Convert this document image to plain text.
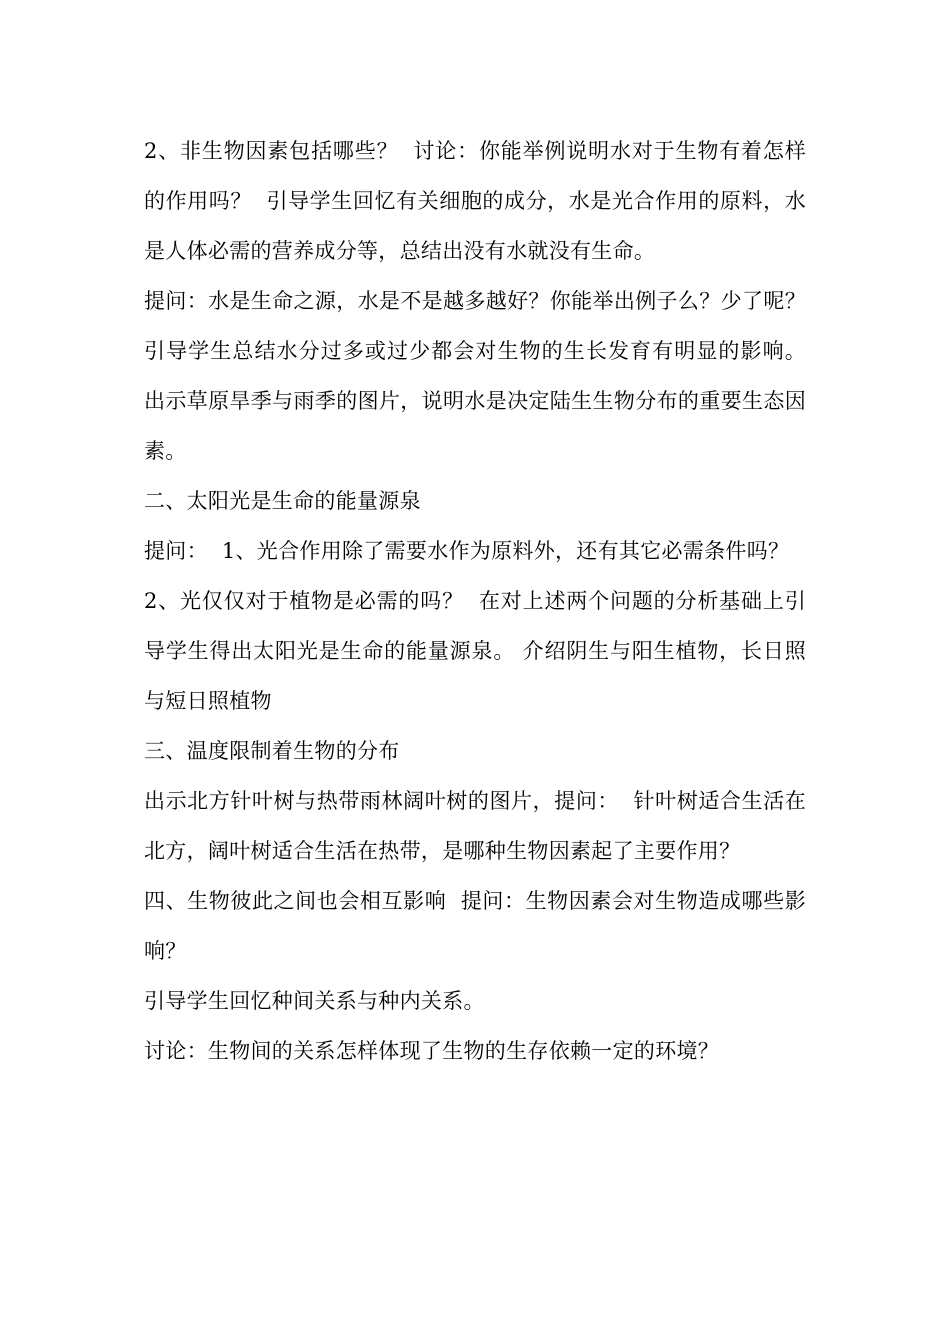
2、非生物因素包括哪些？  讨论：你能举例说明水对于生物有着怎样的作用吗？  引导学生回忆有关细胞的成分，水是光合作用的原料，水是人体必需的营养成分等，总结出没有水就没有生命。

提问：水是生命之源，水是不是越多越好？你能举出例子么？少了呢？ 引导学生总结水分过多或过少都会对生物的生长发育有明显的影响。 出示草原旱季与雨季的图片，说明水是决定陆生生物分布的重要生态因素。

二、太阳光是生命的能量源泉

提问：  1、光合作用除了需要水作为原料外，还有其它必需条件吗？

2、光仅仅对于植物是必需的吗？  在对上述两个问题的分析基础上引导学生得出太阳光是生命的能量源泉。 介绍阴生与阳生植物，长日照与短日照植物

三、温度限制着生物的分布

出示北方针叶树与热带雨林阔叶树的图片，提问：  针叶树适合生活在北方，阔叶树适合生活在热带，是哪种生物因素起了主要作用？

四、生物彼此之间也会相互影响  提问：生物因素会对生物造成哪些影响？

引导学生回忆种间关系与种内关系。

讨论：生物间的关系怎样体现了生物的生存依赖一定的环境？
